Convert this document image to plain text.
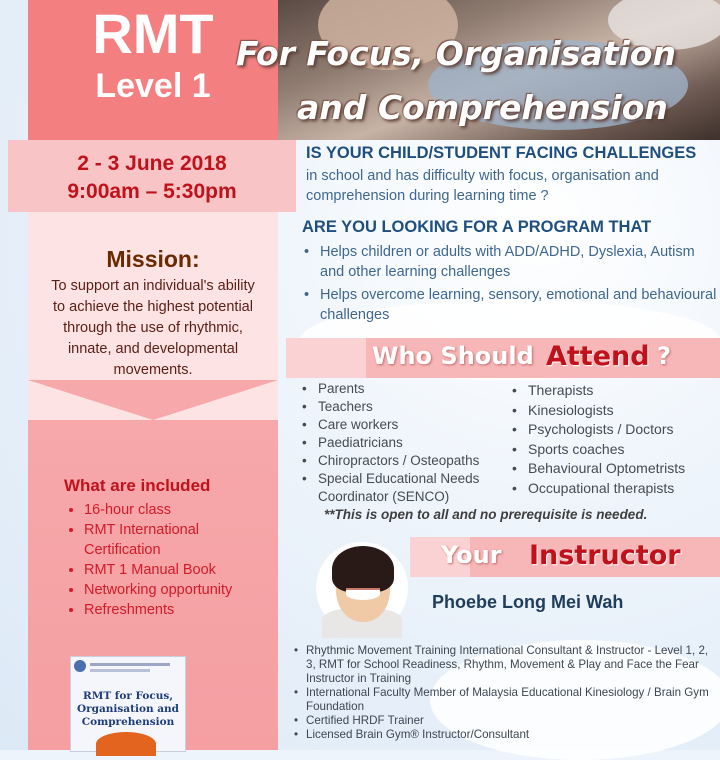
RMT
Level 1
For Focus, Organisation
and Comprehension
2 - 3 June 2018
9:00am – 5:30pm
Mission:
To support an individual's ability to achieve the highest potential through the use of rhythmic, innate, and developmental movements.
What are included
• 16-hour class
• RMT International Certification
• RMT 1 Manual Book
• Networking opportunity
• Refreshments
RMT for Focus, Organisation and Comprehension
IS YOUR CHILD/STUDENT FACING CHALLENGES
in school and has difficulty with focus, organisation and comprehension during learning time ?
ARE YOU LOOKING FOR A PROGRAM THAT
• Helps children or adults with ADD/ADHD, Dyslexia, Autism and other learning challenges
• Helps overcome learning, sensory, emotional and behavioural challenges
Who Should Attend ?
• Parents
• Teachers
• Care workers
• Paediatricians
• Chiropractors / Osteopaths
• Special Educational Needs Coordinator (SENCO)
• Therapists
• Kinesiologists
• Psychologists / Doctors
• Sports coaches
• Behavioural Optometrists
• Occupational therapists
**This is open to all and no prerequisite is needed.
Your Instructor
Phoebe Long Mei Wah
• Rhythmic Movement Training International Consultant & Instructor - Level 1, 2, 3, RMT for School Readiness, Rhythm, Movement & Play and Face the Fear Instructor in Training
• International Faculty Member of Malaysia Educational Kinesiology / Brain Gym Foundation
• Certified HRDF Trainer
• Licensed Brain Gym® Instructor/Consultant
